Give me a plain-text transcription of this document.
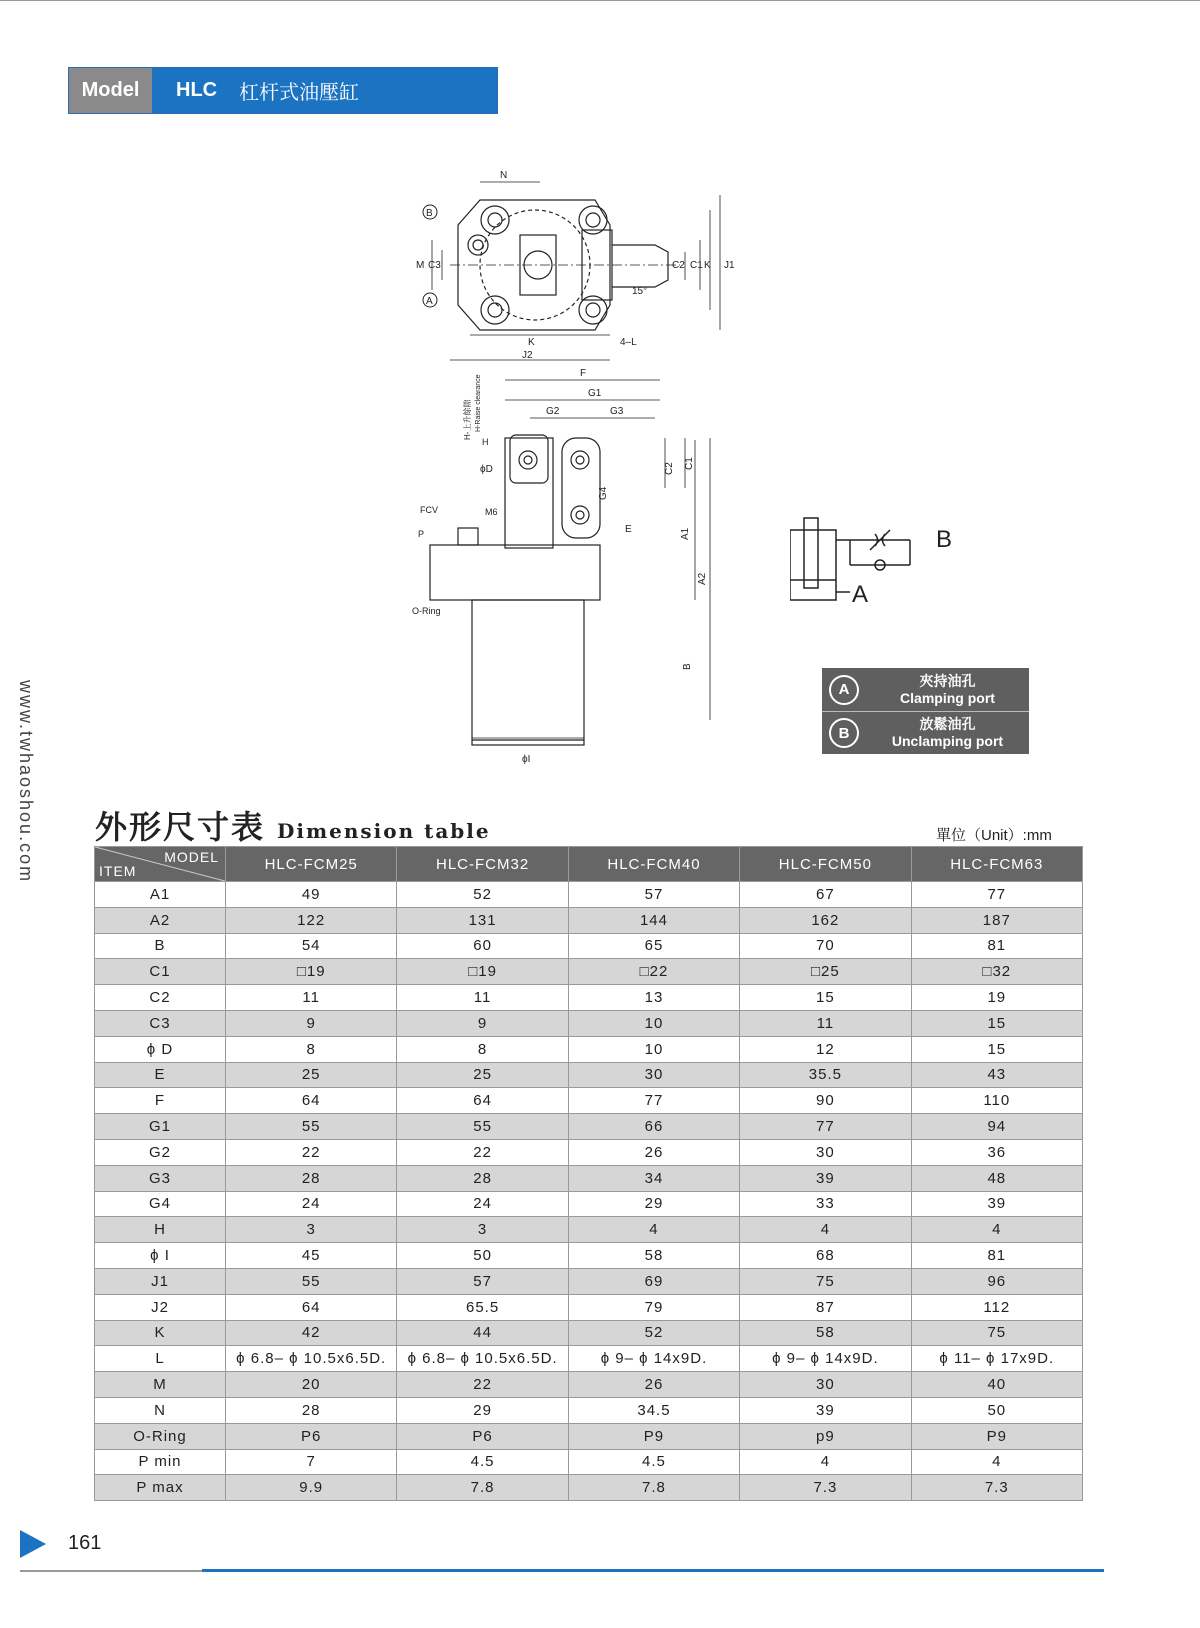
Model	HLC 杠杆式油壓缸
www.twhaoshou.com
N
B
A
M C3	C2 C1 K J1
15°
K
J2
4–L
F
G1
G2	G3
H-上升餘隙 H-Raise clearance
H
ϕD
G4
C2 C1
FCV	M6
P	E	A1
A2
O-Ring
B
ϕI
B
A
A
夾持油孔
Clamping port
B
放鬆油孔
Unclamping port
外形尺寸表 Dimension table	單位（Unit）:mm
MODEL
ITEM	HLC-FCM25	HLC-FCM32	HLC-FCM40	HLC-FCM50	HLC-FCM63
A1	49	52	57	67	77
A2	122	131	144	162	187
B	54	60	65	70	81
C1	□19	□19	□22	□25	□32
C2	11	11	13	15	19
C3	9	9	10	11	15
ϕ D	8	8	10	12	15
E	25	25	30	35.5	43
F	64	64	77	90	110
G1	55	55	66	77	94
G2	22	22	26	30	36
G3	28	28	34	39	48
G4	24	24	29	33	39
H	3	3	4	4	4
ϕ I	45	50	58	68	81
J1	55	57	69	75	96
J2	64	65.5	79	87	112
K	42	44	52	58	75
L	ϕ 6.8– ϕ 10.5x6.5D.	ϕ 6.8– ϕ 10.5x6.5D.	ϕ 9– ϕ 14x9D.	ϕ 9– ϕ 14x9D.	ϕ 11– ϕ 17x9D.
M	20	22	26	30	40
N	28	29	34.5	39	50
O-Ring	P6	P6	P9	p9	P9
P min	7	4.5	4.5	4	4
P max	9.9	7.8	7.8	7.3	7.3
161
